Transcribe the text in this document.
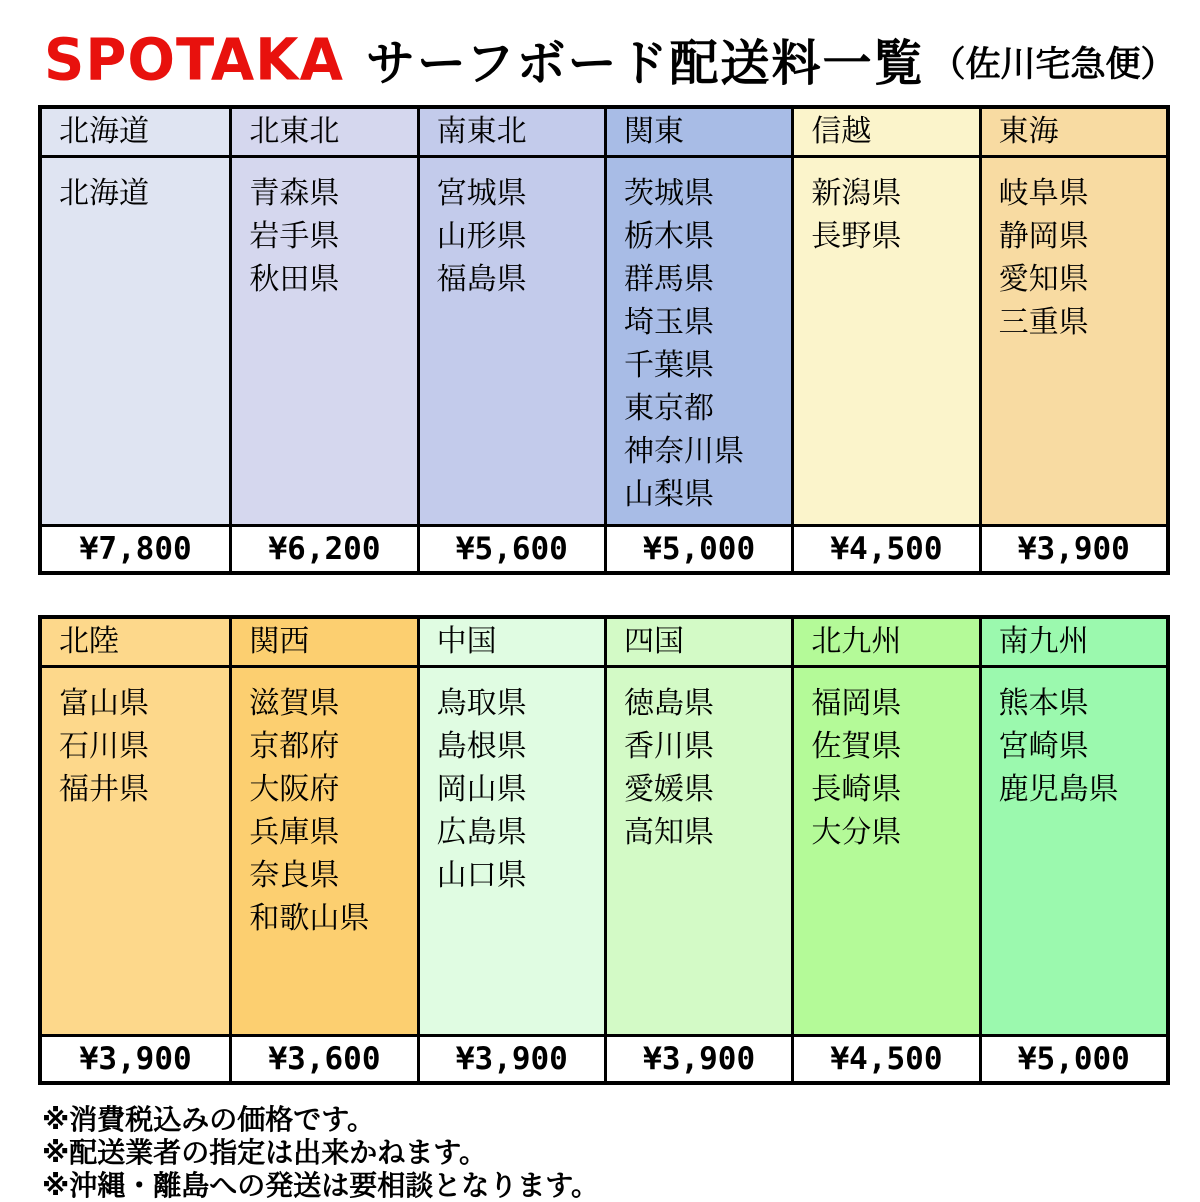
SPOTAKA サーフボード配送料一覧 （佐川宅急便）
北海道
北海道
¥7,800
北東北
青森県
岩手県
秋田県
¥6,200
南東北
宮城県
山形県
福島県
¥5,600
関東
茨城県
栃木県
群馬県
埼玉県
千葉県
東京都
神奈川県
山梨県
¥5,000
信越
新潟県
長野県
¥4,500
東海
岐阜県
静岡県
愛知県
三重県
¥3,900
北陸
富山県
石川県
福井県
¥3,900
関西
滋賀県
京都府
大阪府
兵庫県
奈良県
和歌山県
¥3,600
中国
鳥取県
島根県
岡山県
広島県
山口県
¥3,900
四国
徳島県
香川県
愛媛県
高知県
¥3,900
北九州
福岡県
佐賀県
長崎県
大分県
¥4,500
南九州
熊本県
宮崎県
鹿児島県
¥5,000
※消費税込みの価格です。
※配送業者の指定は出来かねます。
※沖縄・離島への発送は要相談となります。
